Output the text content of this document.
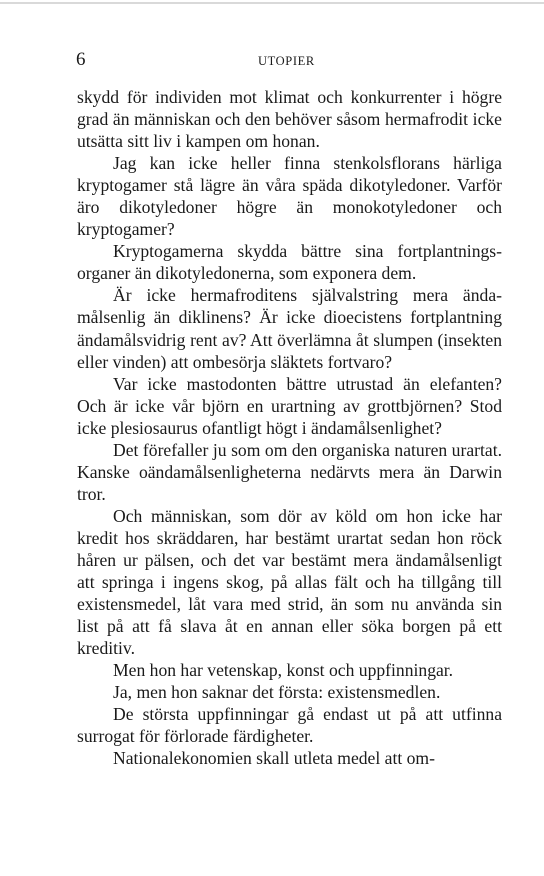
6	UTOPIER

skydd för individen mot klimat och konkurrenter i högre grad än människan och den behöver såsom hermafrodit icke utsätta sitt liv i kampen om honan.

Jag kan icke heller finna stenkolsflorans härliga kryptogamer stå lägre än våra späda dikotyledoner. Varför äro dikotyledoner högre än monokotyledoner och kryptogamer?

Kryptogamerna skydda bättre sina fortplantningsorganer än dikotyledonerna, som exponera dem.

Är icke hermafroditens självalstring mera ändamålsenlig än diklinens? Är icke dioecistens fortplantning ändamålsvidrig rent av? Att överlämna åt slumpen (insekten eller vinden) att ombesörja släktets fortvaro?

Var icke mastodonten bättre utrustad än elefanten? Och är icke vår björn en urartning av grottbjörnen? Stod icke plesiosaurus ofantligt högt i ändamålsenlighet?

Det förefaller ju som om den organiska naturen urartat. Kanske oändamålsenligheterna nedärvts mera än Darwin tror.

Och människan, som dör av köld om hon icke har kredit hos skräddaren, har bestämt urartat sedan hon röck håren ur pälsen, och det var bestämt mera ändamålsenligt att springa i ingens skog, på allas fält och ha tillgång till existensmedel, låt vara med strid, än som nu använda sin list på att få slava åt en annan eller söka borgen på ett kreditiv.

Men hon har vetenskap, konst och uppfinningar.

Ja, men hon saknar det första: existensmedlen.

De största uppfinningar gå endast ut på att utfinna surrogat för förlorade färdigheter.

Nationalekonomien skall utleta medel att om-
